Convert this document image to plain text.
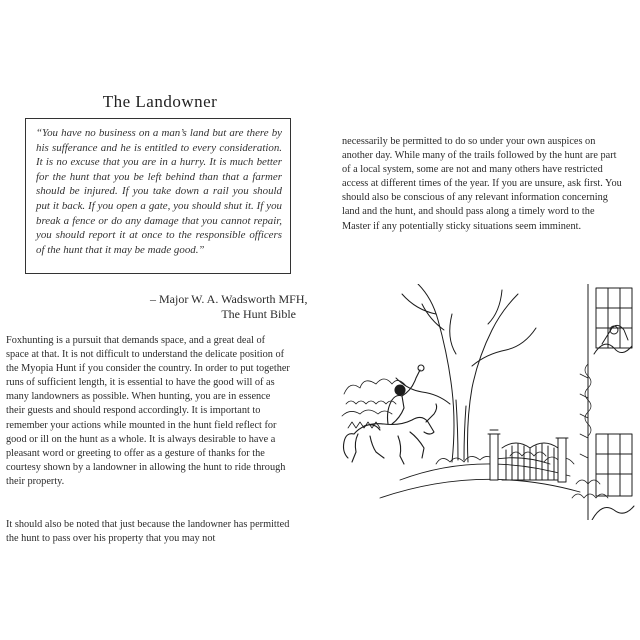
The Landowner

“You have no business on a man’s land but are there by his sufferance and he is entitled to every consideration. It is no excuse that you are in a hurry. It is much better for the hunt that you be left behind than that a farmer should be injured. If you take down a rail you should put it back. If you open a gate, you should shut it. If you break a fence or do any damage that you cannot repair, you should report it at once to the responsible officers of the hunt that it may be made good.”

– Major W. A. Wadsworth MFH,
The Hunt Bible

Foxhunting is a pursuit that demands space, and a great deal of space at that. It is not difficult to understand the delicate position of the Myopia Hunt if you consider the country. In order to put together runs of sufficient length, it is essential to have the good will of as many landowners as possible. When hunting, you are in essence their guests and should respond accordingly. It is important to remember your actions while mounted in the hunt field reflect for good or ill on the hunt as a whole. It is always desirable to have a pleasant word or greeting to offer as a gesture of thanks for the courtesy shown by a landowner in allowing the hunt to ride through their property.

It should also be noted that just because the landowner has permitted the hunt to pass over his property that you may not

necessarily be permitted to do so under your own auspices on another day. While many of the trails followed by the hunt are part of a local system, some are not and many others have restricted access at different times of the year. If you are unsure, ask first. You should also be conscious of any relevant information concerning land and the hunt, and should pass along a timely word to the Master if any potentially sticky situations seem imminent.
